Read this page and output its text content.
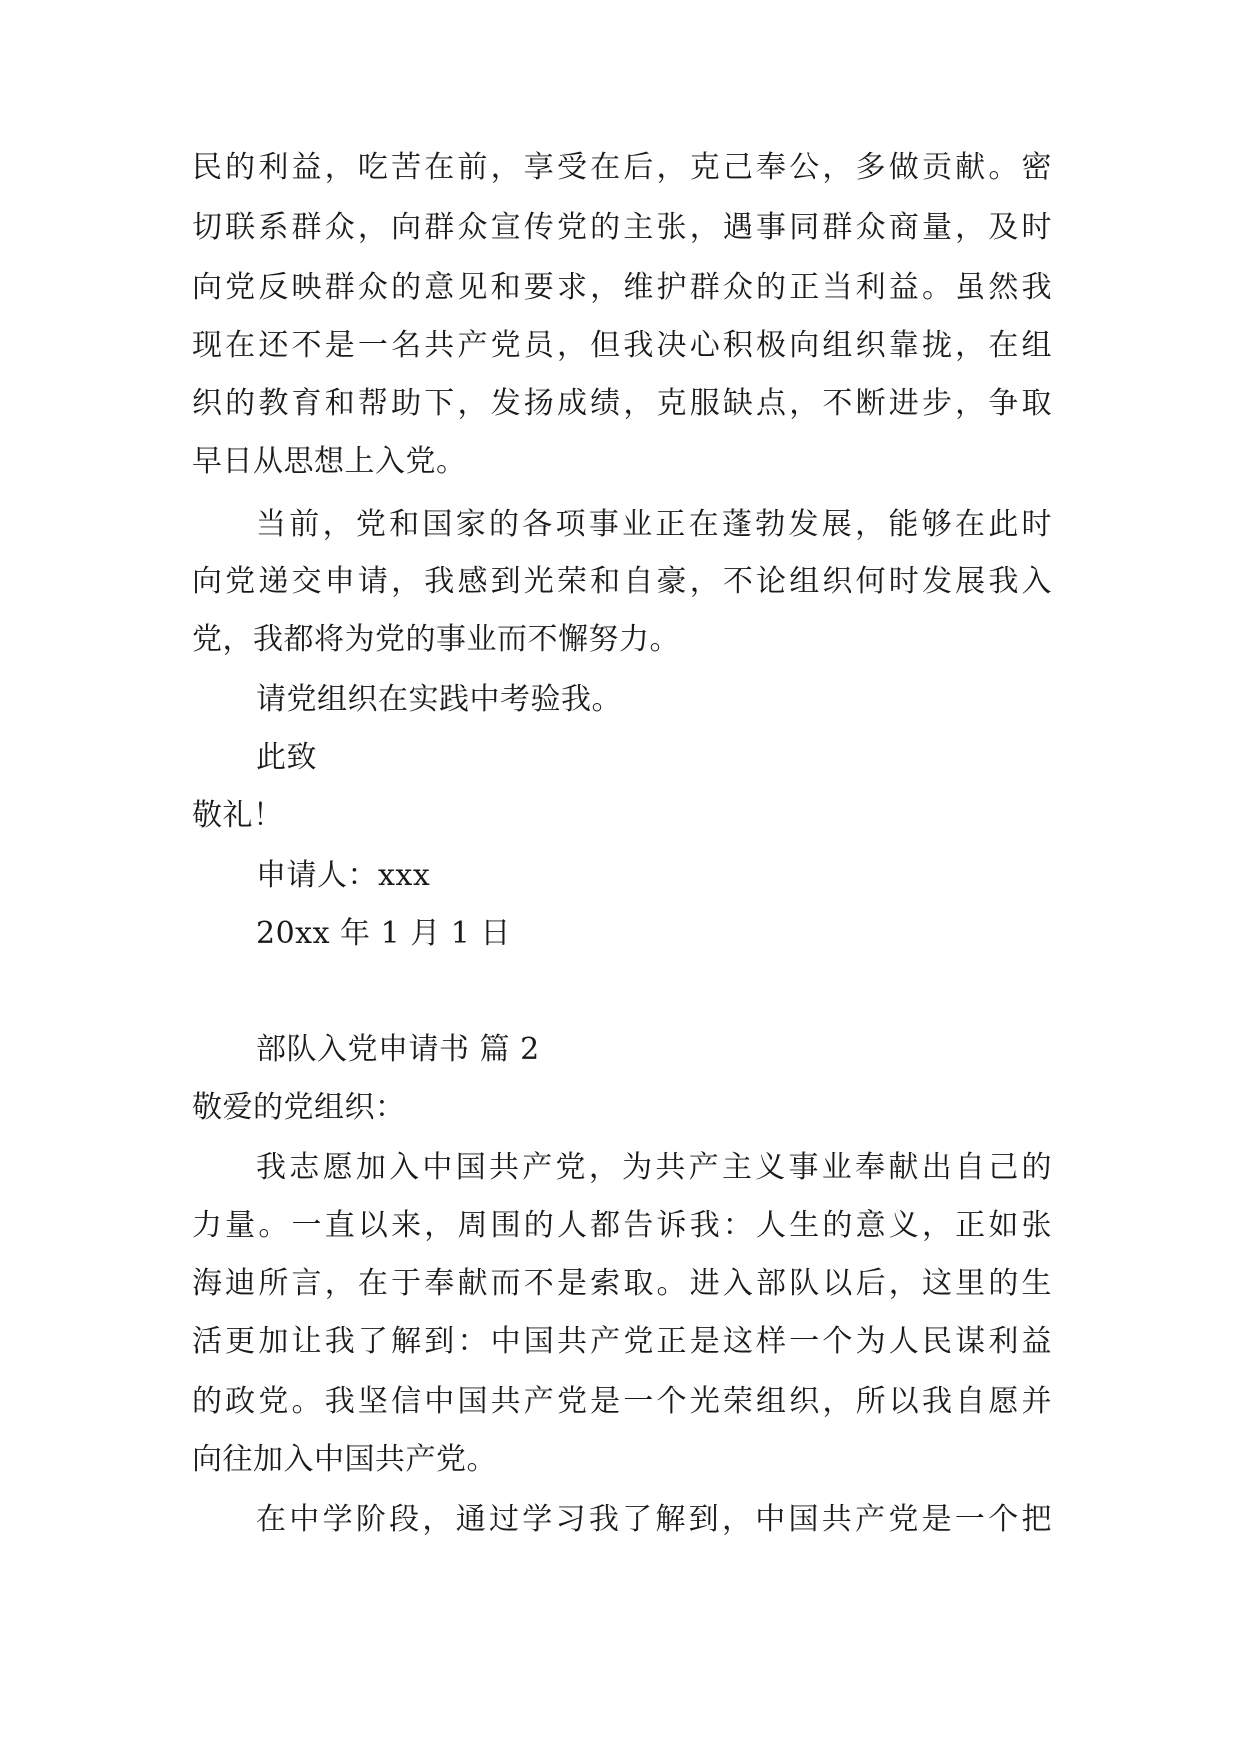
民的利益，吃苦在前，享受在后，克己奉公，多做贡献。密
切联系群众，向群众宣传党的主张，遇事同群众商量，及时
向党反映群众的意见和要求，维护群众的正当利益。虽然我
现在还不是一名共产党员，但我决心积极向组织靠拢，在组
织的教育和帮助下，发扬成绩，克服缺点，不断进步，争取
早日从思想上入党。
当前，党和国家的各项事业正在蓬勃发展，能够在此时
向党递交申请，我感到光荣和自豪，不论组织何时发展我入
党，我都将为党的事业而不懈努力。
请党组织在实践中考验我。
此致
敬礼！
申请人：xxx
20xx 年 1 月 1 日
部队入党申请书 篇 2
敬爱的党组织：
我志愿加入中国共产党，为共产主义事业奉献出自己的
力量。一直以来，周围的人都告诉我：人生的意义，正如张
海迪所言，在于奉献而不是索取。进入部队以后，这里的生
活更加让我了解到：中国共产党正是这样一个为人民谋利益
的政党。我坚信中国共产党是一个光荣组织，所以我自愿并
向往加入中国共产党。
在中学阶段，通过学习我了解到，中国共产党是一个把
